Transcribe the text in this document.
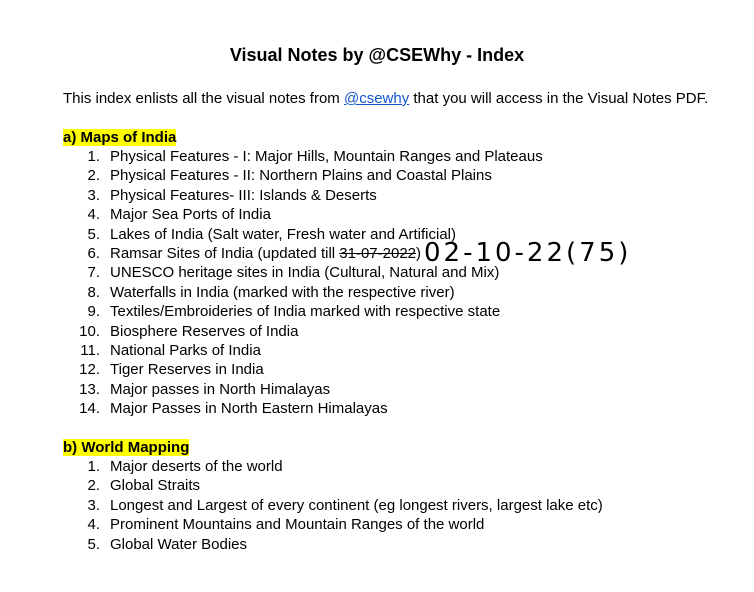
Visual Notes by @CSEWhy - Index

This index enlists all the visual notes from @csewhy that you will access in the Visual Notes PDF.

a) Maps of India
1. Physical Features - I: Major Hills, Mountain Ranges and Plateaus
2. Physical Features - II: Northern Plains and Coastal Plains
3. Physical Features- III: Islands & Deserts
4. Major Sea Ports of India
5. Lakes of India (Salt water, Fresh water and Artificial)
6. Ramsar Sites of India (updated till 31-07-2022)
7. UNESCO heritage sites in India (Cultural, Natural and Mix)
8. Waterfalls in India (marked with the respective river)
9. Textiles/Embroideries of India marked with respective state
10. Biosphere Reserves of India
11. National Parks of India
12. Tiger Reserves in India
13. Major passes in North Himalayas
14. Major Passes in North Eastern Himalayas
02-10-22(75)
b) World Mapping
1. Major deserts of the world
2. Global Straits
3. Longest and Largest of every continent (eg longest rivers, largest lake etc)
4. Prominent Mountains and Mountain Ranges of the world
5. Global Water Bodies
